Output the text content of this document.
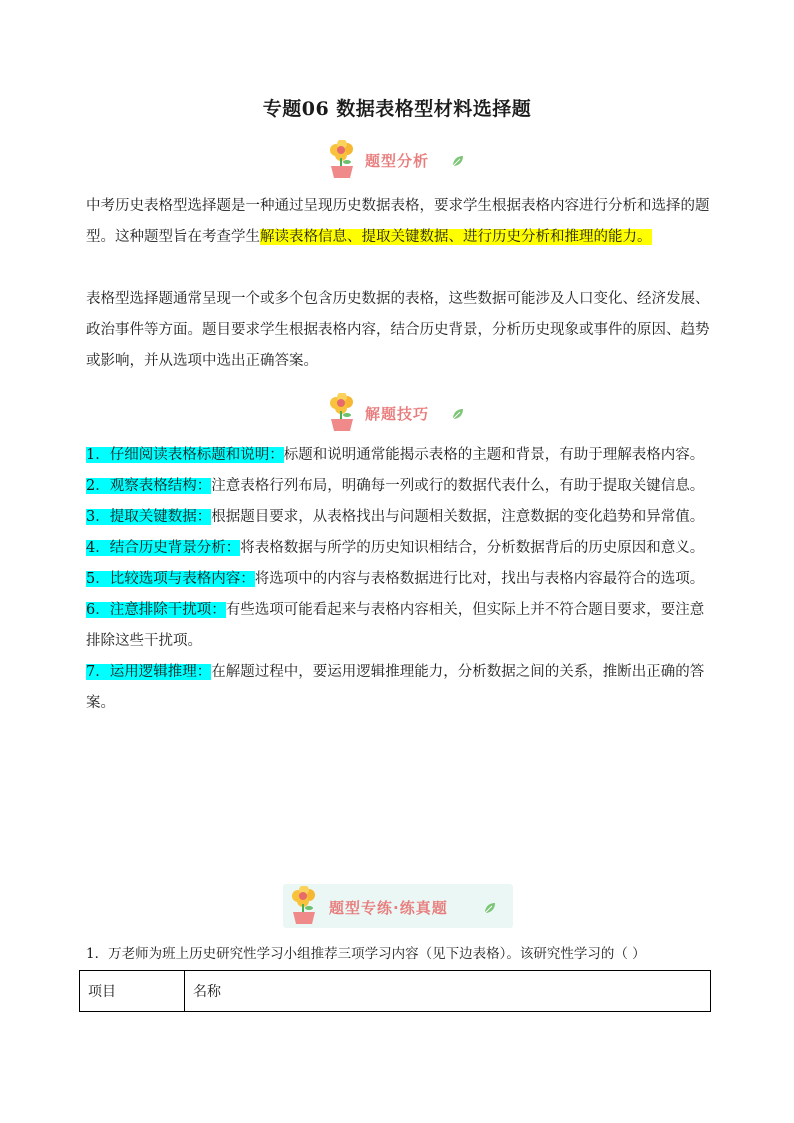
专题06 数据表格型材料选择题
题型分析
中考历史表格型选择题是一种通过呈现历史数据表格，要求学生根据表格内容进行分析和选择的题型。这种题型旨在考查学生解读表格信息、提取关键数据、进行历史分析和推理的能力。
表格型选择题通常呈现一个或多个包含历史数据的表格，这些数据可能涉及人口变化、经济发展、政治事件等方面。题目要求学生根据表格内容，结合历史背景，分析历史现象或事件的原因、趋势或影响，并从选项中选出正确答案。
解题技巧

1．仔细阅读表格标题和说明：标题和说明通常能揭示表格的主题和背景，有助于理解表格内容。

2．观察表格结构：注意表格行列布局，明确每一列或行的数据代表什么，有助于提取关键信息。

3．提取关键数据：根据题目要求，从表格找出与问题相关数据，注意数据的变化趋势和异常值。

4．结合历史背景分析：将表格数据与所学的历史知识相结合，分析数据背后的历史原因和意义。

5．比较选项与表格内容：将选项中的内容与表格数据进行比对，找出与表格内容最符合的选项。

6．注意排除干扰项：有些选项可能看起来与表格内容相关，但实际上并不符合题目要求，要注意排除这些干扰项。

7．运用逻辑推理：在解题过程中，要运用逻辑推理能力，分析数据之间的关系，推断出正确的答案。

题型专练·练真题
1．万老师为班上历史研究性学习小组推荐三项学习内容（见下边表格）。该研究性学习的（ ）
项目	名称
